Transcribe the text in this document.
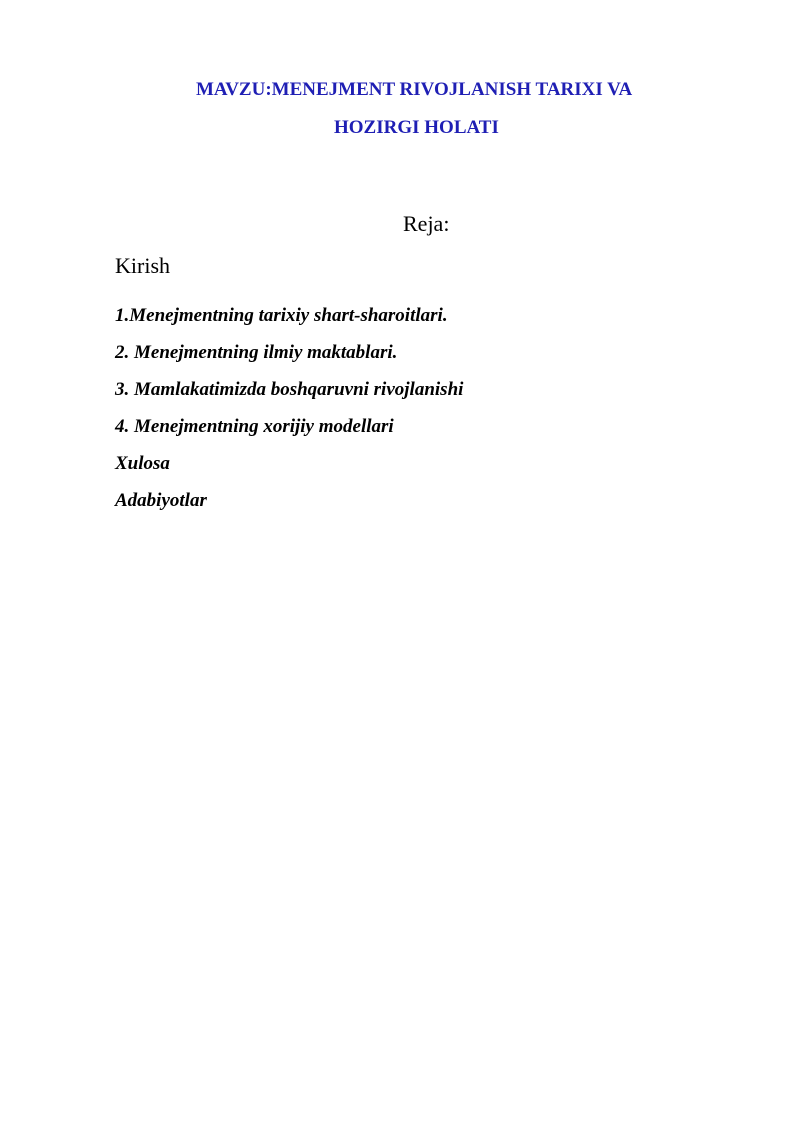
MAVZU:MENEJMENT RIVOJLANISH TARIXI VA
HOZIRGI HOLATI
Reja:
Kirish
1.Menejmentning tarixiy shart-sharoitlari.
2. Menejmentning ilmiy maktablari.
3. Mamlakatimizda boshqaruvni rivojlanishi
4. Menejmentning xorijiy modellari
Xulosa
Adabiyotlar
